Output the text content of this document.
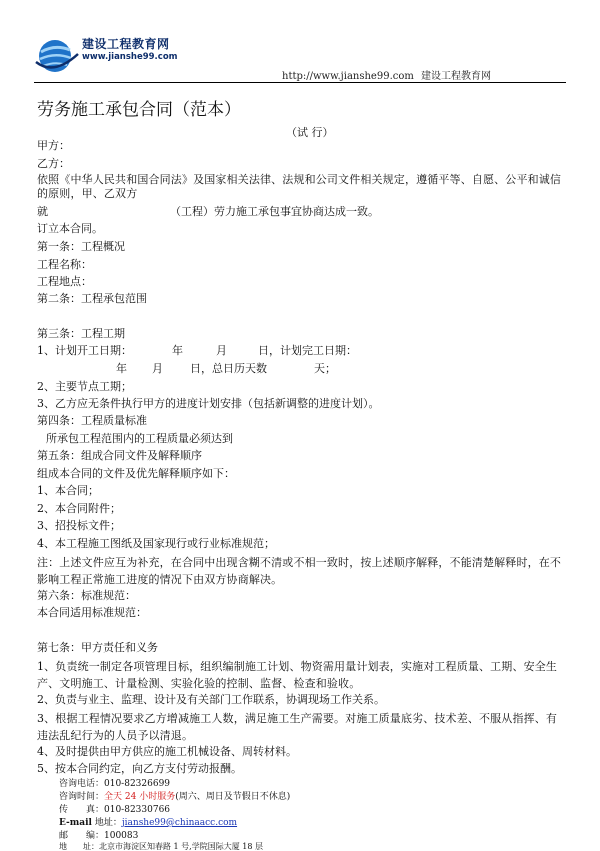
建设工程教育网
www.jianshe99.com
http://www.jianshe99.com 建设工程教育网
劳务施工承包合同（范本）
（试 行）
甲方：
乙方：
依照《中华人民共和国合同法》及国家相关法律、法规和公司文件相关规定，遵循平等、自愿、公平和诚信的原则，甲、乙双方
就	（工程）劳力施工承包事宜协商达成一致。
订立本合同。
第一条：工程概况
工程名称：
工程地点：
第二条：工程承包范围
第三条：工程工期
1、计划开工日期：	年	月	日，计划完工日期：
年 月 日，总日历天数	天；
2、主要节点工期；
3、乙方应无条件执行甲方的进度计划安排（包括新调整的进度计划）。
第四条：工程质量标准
所承包工程范围内的工程质量必须达到
第五条：组成合同文件及解释顺序
组成本合同的文件及优先解释顺序如下：
1、本合同；
2、本合同附件；
3、招投标文件；
4、本工程施工图纸及国家现行或行业标准规范；
注：上述文件应互为补充，在合同中出现含糊不清或不相一致时，按上述顺序解释，不能清楚解释时，在不影响工程正常施工进度的情况下由双方协商解决。
第六条：标准规范：
本合同适用标准规范：
第七条：甲方责任和义务
1、负责统一制定各项管理目标，组织编制施工计划、物资需用量计划表，实施对工程质量、工期、安全生产、文明施工、计量检测、实验化验的控制、监督、检查和验收。
2、负责与业主、监理、设计及有关部门工作联系，协调现场工作关系。
3、根据工程情况要求乙方增减施工人数，满足施工生产需要。对施工质量底劣、技术差、不服从指挥、有违法乱纪行为的人员予以清退。
4、及时提供由甲方供应的施工机械设备、周转材料。
5、按本合同约定，向乙方支付劳动报酬。
咨询电话：010-82326699
咨询时间：全天 24 小时服务(周六、周日及节假日不休息)
传　　真：010-82330766
E-mail 地址：jianshe99@chinaacc.com
邮　　编：100083
地　　址：北京市海淀区知春路 1 号,学院国际大厦 18 层
